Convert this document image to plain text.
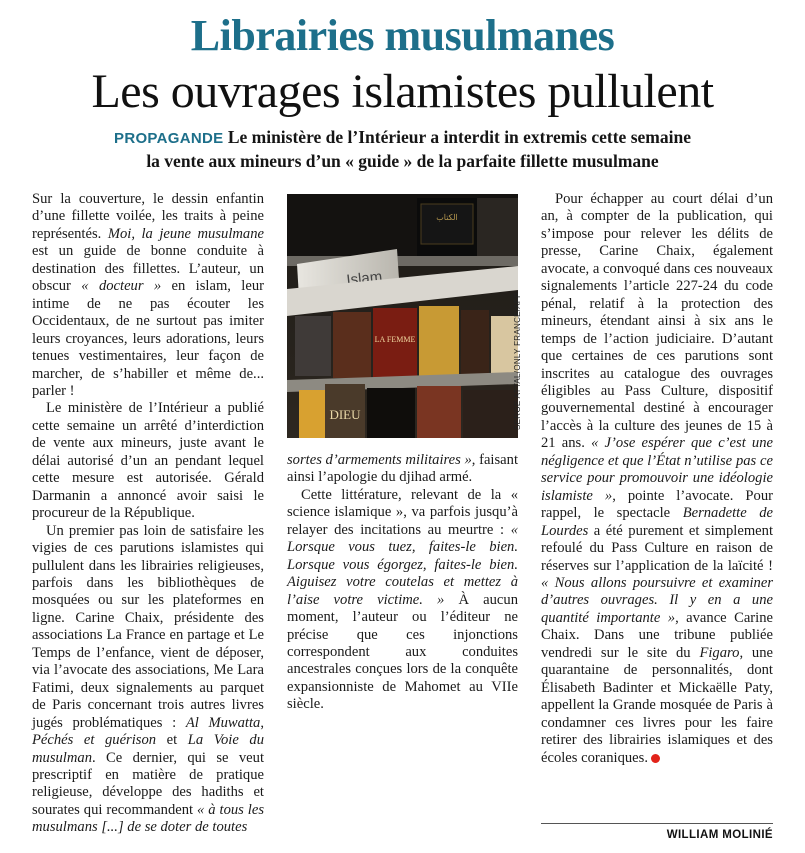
Librairies musulmanes
Les ouvrages islamistes pullulent
PROPAGANDE Le ministère de l’Intérieur a interdit in extremis cette semaine
la vente aux mineurs d’un « guide » de la parfaite fillette musulmane

Sur la couverture, le dessin enfantin d’une fillette voilée, les traits à peine représentés. Moi, la jeune musulmane est un guide de bonne conduite à destination des fillettes. L’auteur, un obscur « docteur » en islam, leur intime de ne pas écouter les Occidentaux, de ne surtout pas imiter leurs croyances, leurs adorations, leurs tenues vestimentaires, leur façon de marcher, de s’habiller et même de... parler !

Le ministère de l’Intérieur a publié cette semaine un arrêté d’interdiction de vente aux mineurs, juste avant le délai autorisé d’un an pendant lequel cette mesure est autorisée. Gérald Darmanin a annoncé avoir saisi le procureur de la République.

Un premier pas loin de satisfaire les vigies de ces parutions islamistes qui pullulent dans les librairies religieuses, parfois dans les bibliothèques de mosquées ou sur les plateformes en ligne. Carine Chaix, présidente des associations La France en partage et Le Temps de l’enfance, vient de déposer, via l’avocate des associations, Me Lara Fatimi, deux signalements au parquet de Paris concernant trois autres livres jugés problématiques : Al Muwatta, Péchés et guérison et La Voie du musulman. Ce dernier, qui se veut prescriptif en matière de pratique religieuse, développe des hadiths et sourates qui recommandent « à tous les musulmans [...] de se doter de toutes

الكتاب
Islam
LA FEMME
DIEU	SERGE ATTAL/ONLY FRANCE/AFP

sortes d’armements militaires », faisant ainsi l’apologie du djihad armé.

Cette littérature, relevant de la « science islamique », va parfois jusqu’à relayer des incitations au meurtre : « Lorsque vous tuez, faites-le bien. Lorsque vous égorgez, faites-le bien. Aiguisez votre coutelas et mettez à l’aise votre victime. » À aucun moment, l’auteur ou l’éditeur ne précise que ces injonctions correspondent aux conduites ancestrales conçues lors de la conquête expansionniste de Mahomet au VIIe siècle.

Pour échapper au court délai d’un an, à compter de la publication, qui s’impose pour relever les délits de presse, Carine Chaix, également avocate, a convoqué dans ces nouveaux signalements l’article 227-24 du code pénal, relatif à la protection des mineurs, étendant ainsi à six ans le temps de l’action judiciaire. D’autant que certaines de ces parutions sont inscrites au catalogue des ouvrages éligibles au Pass Culture, dispositif gouvernemental destiné à encourager l’accès à la culture des jeunes de 15 à 21 ans. « J’ose espérer que c’est une négligence et que l’État n’utilise pas ce service pour promouvoir une idéologie islamiste », pointe l’avocate. Pour rappel, le spectacle Bernadette de Lourdes a été purement et simplement refoulé du Pass Culture en raison de réserves sur l’application de la laïcité ! « Nous allons poursuivre et examiner d’autres ouvrages. Il y en a une quantité importante », avance Carine Chaix. Dans une tribune publiée vendredi sur le site du Figaro, une quarantaine de personnalités, dont Élisabeth Badinter et Mickaëlle Paty, appellent la Grande mosquée de Paris à condamner ces livres pour les faire retirer des librairies islamiques et des écoles coraniques.

WILLIAM MOLINIÉ
